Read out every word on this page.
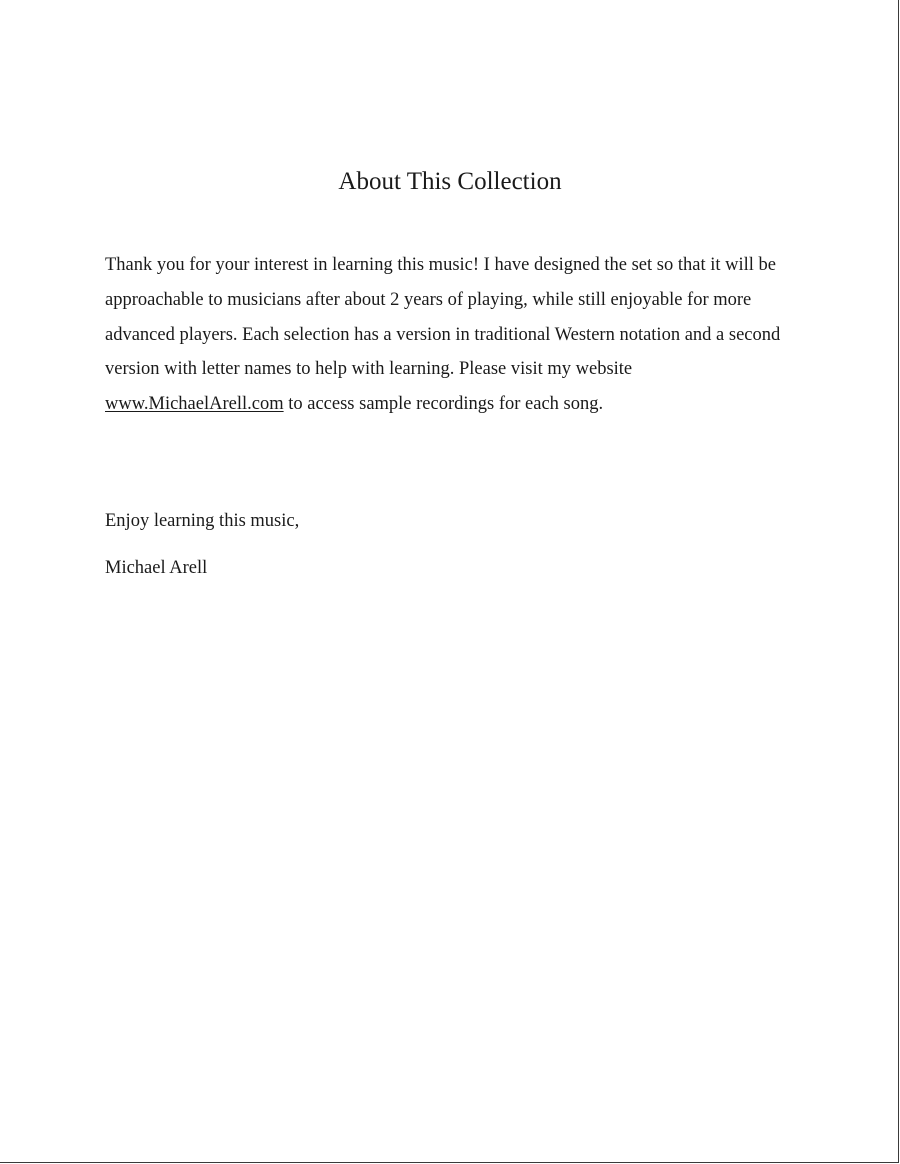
About This Collection

Thank you for your interest in learning this music! I have designed the set so that it will be approachable to musicians after about 2 years of playing, while still enjoyable for more advanced players. Each selection has a version in traditional Western notation and a second version with letter names to help with learning. Please visit my website www.MichaelArell.com to access sample recordings for each song.

Enjoy learning this music,

Michael Arell
